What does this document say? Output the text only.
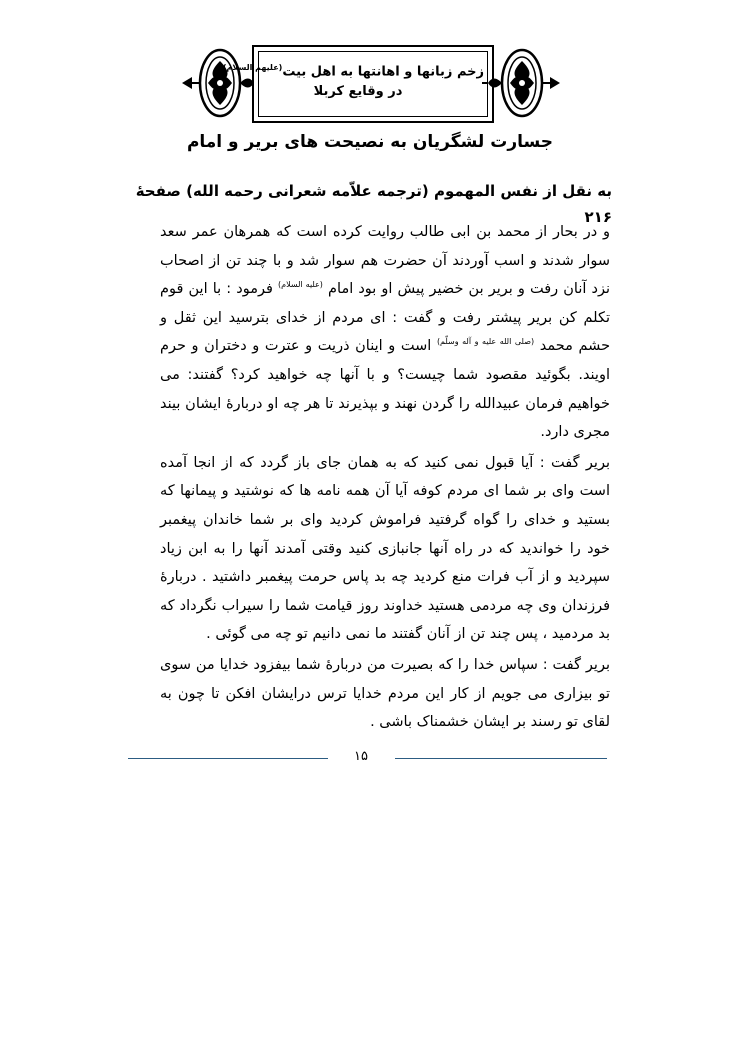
زخم زبانها و اهانتها به اهل بیت$^{(علیهم السلام)}$
در وقایع کربلا
جسارت لشگریان به نصیحت های بریر و امام
به نقل از نفس المهموم (ترجمه علاّمه شعرانی رحمه الله) صفحهٔ ۲۱۶

و در بحار از محمد بن ابی طالب روایت کرده است که همرهان عمر سعد سوار شدند و اسب آوردند آن حضرت هم سوار شد و با چند تن از اصحاب نزد آنان رفت و بریر بن خضیر پیش او بود امام $^{(علیه السلام)}$ فرمود : با این قوم تکلم کن بریر پیشتر رفت و گفت : ای مردم از خدای بترسید این ثقل و حشم محمد $^{(صلی الله علیه و آله وسلّم)}$ است و اینان ذریت و عترت و دختران و حرم اویند. بگوئید مقصود شما چیست؟ و با آنها چه خواهید کرد؟ گفتند: می خواهیم فرمان عبیدالله را گردن نهند و بپذیرند تا هر چه او دربارهٔ ایشان بیند مجری دارد.

بریر گفت : آیا قبول نمی کنید که به همان جای باز گردد که از انجا آمده است وای بر شما ای مردم کوفه آیا آن همه نامه ها که نوشتید و پیمانها که بستید و خدای را گواه گرفتید فراموش کردید وای بر شما خاندان پیغمبر خود را خواندید که در راه آنها جانبازی کنید وقتی آمدند آنها را به ابن زیاد سپردید و از آب فرات منع کردید چه بد پاس حرمت پیغمبر داشتید . دربارهٔ فرزندان وی چه مردمی هستید خداوند روز قیامت شما را سیراب نگرداد که بد مردمید ، پس چند تن از آنان گفتند ما نمی دانیم تو چه می گوئی .

بریر گفت : سپاس خدا را که بصیرت من دربارهٔ شما بیفزود خدایا من سوی تو بیزاری می جویم از کار این مردم خدایا ترس درایشان افکن تا چون به لقای تو رسند بر ایشان خشمناک باشی .

۱۵
